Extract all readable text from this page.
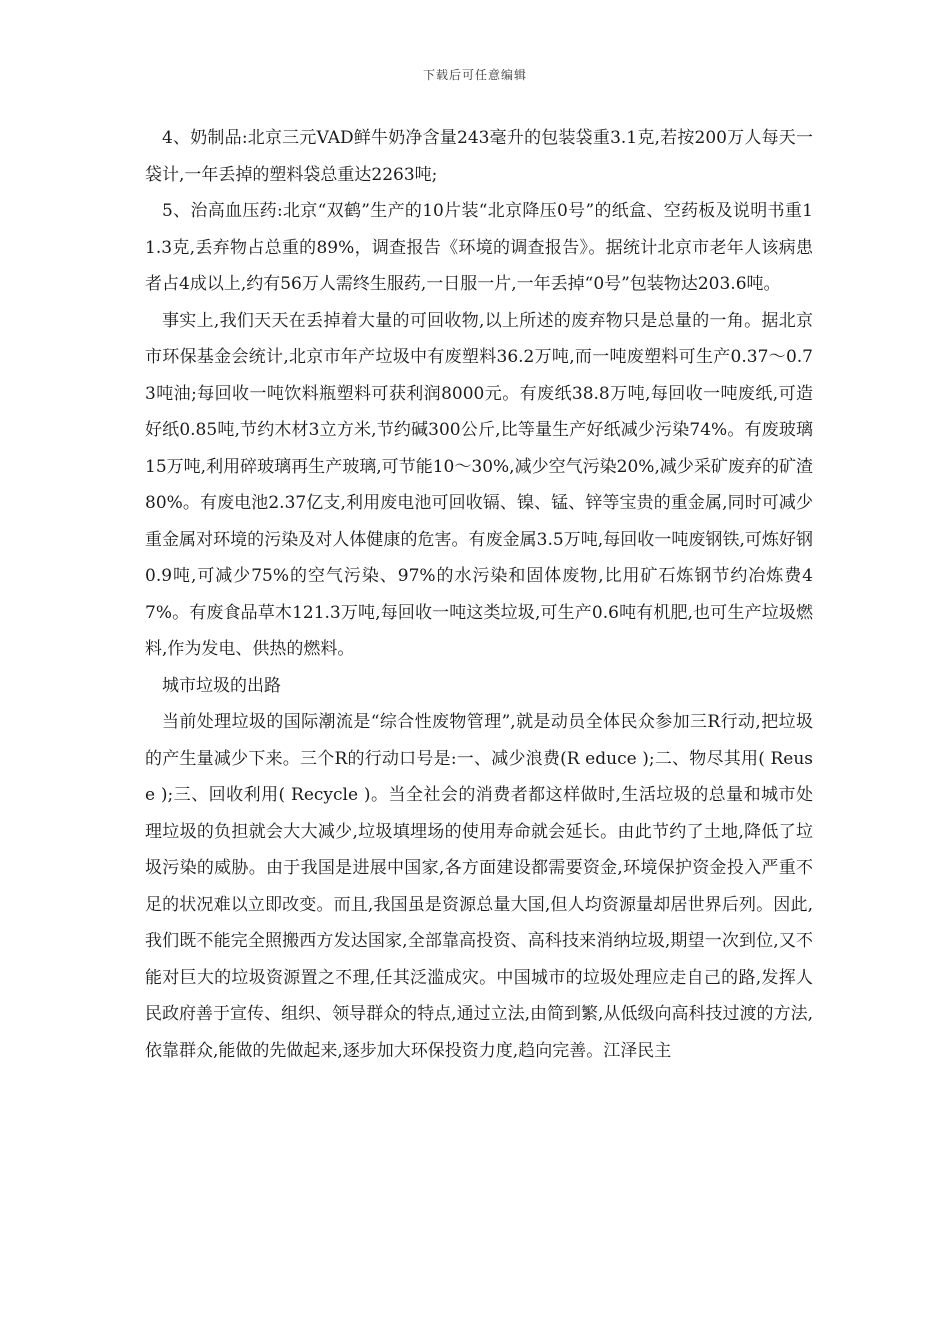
下载后可任意编辑

4、奶制品:北京三元VAD鲜牛奶净含量243毫升的包装袋重3.1克,若按200万人每天一袋计,一年丢掉的塑料袋总重达2263吨;

5、治高血压药:北京“双鹤”生产的10片装“北京降压0号”的纸盒、空药板及说明书重11.3克,丢弃物占总重的89%，调查报告《环境的调查报告》。据统计北京市老年人该病患者占4成以上,约有56万人需终生服药,一日服一片,一年丢掉“0号”包装物达203.6吨。

事实上,我们天天在丢掉着大量的可回收物,以上所述的废弃物只是总量的一角。据北京市环保基金会统计,北京市年产垃圾中有废塑料36.2万吨,而一吨废塑料可生产0.37～0.73吨油;每回收一吨饮料瓶塑料可获利润8000元。有废纸38.8万吨,每回收一吨废纸,可造好纸0.85吨,节约木材3立方米,节约碱300公斤,比等量生产好纸减少污染74%。有废玻璃15万吨,利用碎玻璃再生产玻璃,可节能10～30%,减少空气污染20%,减少采矿废弃的矿渣80%。有废电池2.37亿支,利用废电池可回收镉、镍、锰、锌等宝贵的重金属,同时可减少重金属对环境的污染及对人体健康的危害。有废金属3.5万吨,每回收一吨废钢铁,可炼好钢0.9吨,可减少75%的空气污染、97%的水污染和固体废物,比用矿石炼钢节约冶炼费47%。有废食品草木121.3万吨,每回收一吨这类垃圾,可生产0.6吨有机肥,也可生产垃圾燃料,作为发电、供热的燃料。

城市垃圾的出路

当前处理垃圾的国际潮流是“综合性废物管理”,就是动员全体民众参加三R行动,把垃圾的产生量减少下来。三个R的行动口号是:一、减少浪费(R educe );二、物尽其用( Reuse );三、回收利用( Recycle )。当全社会的消费者都这样做时,生活垃圾的总量和城市处理垃圾的负担就会大大减少,垃圾填埋场的使用寿命就会延长。由此节约了土地,降低了垃圾污染的威胁。由于我国是进展中国家,各方面建设都需要资金,环境保护资金投入严重不足的状况难以立即改变。而且,我国虽是资源总量大国,但人均资源量却居世界后列。因此,我们既不能完全照搬西方发达国家,全部靠高投资、高科技来消纳垃圾,期望一次到位,又不能对巨大的垃圾资源置之不理,任其泛滥成灾。中国城市的垃圾处理应走自己的路,发挥人民政府善于宣传、组织、领导群众的特点,通过立法,由简到繁,从低级向高科技过渡的方法,依靠群众,能做的先做起来,逐步加大环保投资力度,趋向完善。江泽民主
